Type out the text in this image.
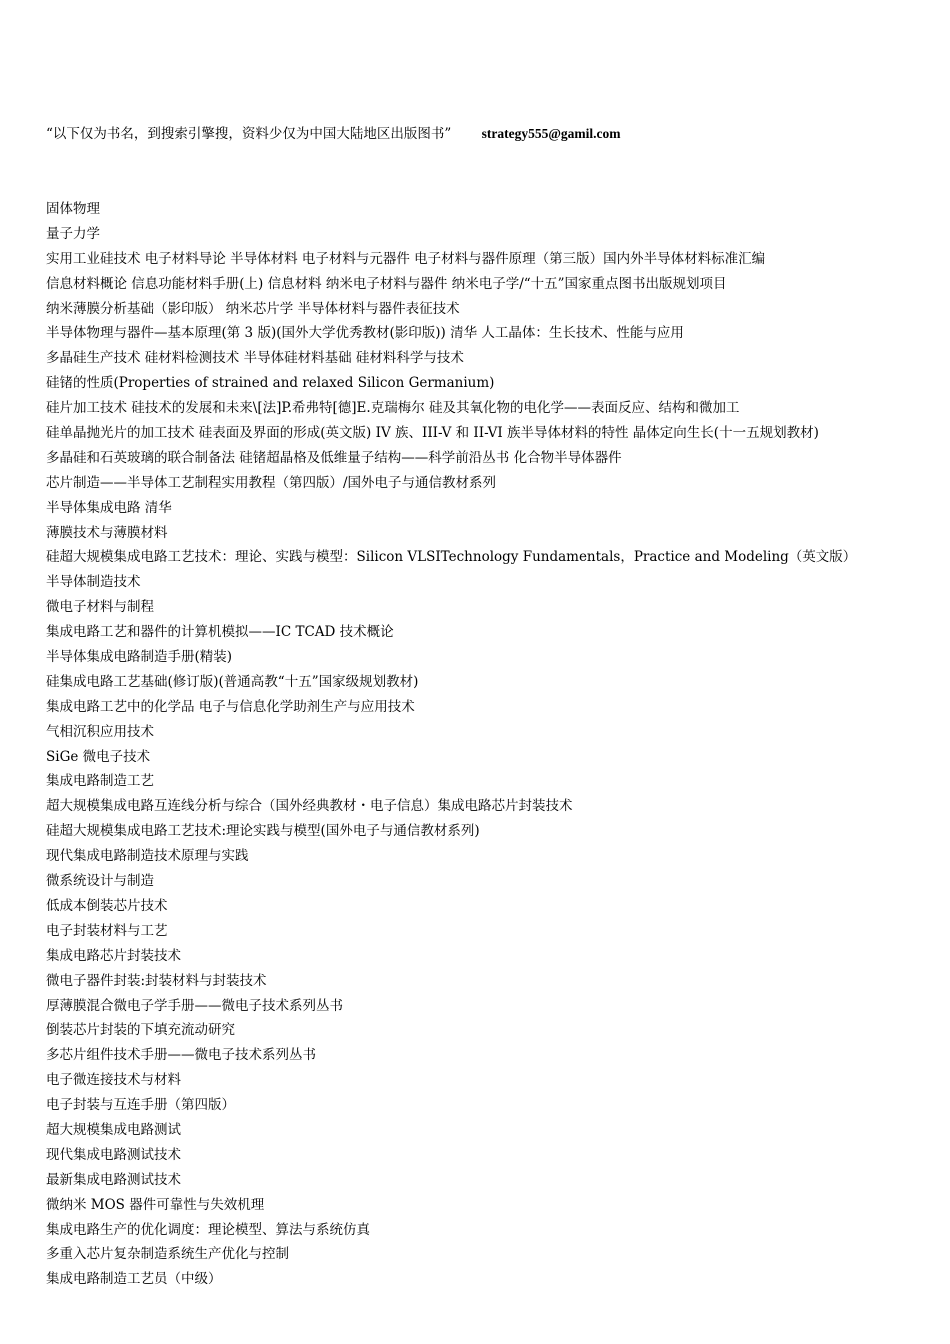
“以下仅为书名，到搜索引擎搜，资料少仅为中国大陆地区出版图书” strategy555@gamil.com
固体物理
量子力学
实用工业硅技术 电子材料导论 半导体材料 电子材料与元器件 电子材料与器件原理（第三版）国内外半导体材料标准汇编
信息材料概论 信息功能材料手册(上) 信息材料 纳米电子材料与器件 纳米电子学/“十五”国家重点图书出版规划项目
纳米薄膜分析基础（影印版） 纳米芯片学 半导体材料与器件表征技术
半导体物理与器件—基本原理(第 3 版)(国外大学优秀教材(影印版)) 清华 人工晶体：生长技术、性能与应用
多晶硅生产技术 硅材料检测技术 半导体硅材料基础 硅材料科学与技术
硅锗的性质(Properties of strained and relaxed Silicon Germanium)
硅片加工技术 硅技术的发展和未来\[法]P.希弗特[德]E.克瑞梅尔 硅及其氧化物的电化学——表面反应、结构和微加工
硅单晶抛光片的加工技术 硅表面及界面的形成(英文版) IV 族、III-V 和 II-VI 族半导体材料的特性 晶体定向生长(十一五规划教材)
多晶硅和石英玻璃的联合制备法 硅锗超晶格及低维量子结构——科学前沿丛书 化合物半导体器件
芯片制造——半导体工艺制程实用教程（第四版）/国外电子与通信教材系列
半导体集成电路 清华
薄膜技术与薄膜材料
硅超大规模集成电路工艺技术：理论、实践与模型：Silicon VLSITechnology Fundamentals，Practice and Modeling（英文版）
半导体制造技术
微电子材料与制程
集成电路工艺和器件的计算机模拟——IC TCAD 技术概论
半导体集成电路制造手册(精装)
硅集成电路工艺基础(修订版)(普通高教“十五”国家级规划教材)
集成电路工艺中的化学品 电子与信息化学助剂生产与应用技术
气相沉积应用技术
SiGe 微电子技术
集成电路制造工艺
超大规模集成电路互连线分析与综合（国外经典教材・电子信息）集成电路芯片封装技术
硅超大规模集成电路工艺技术:理论实践与模型(国外电子与通信教材系列)
现代集成电路制造技术原理与实践
微系统设计与制造
低成本倒装芯片技术
电子封装材料与工艺
集成电路芯片封装技术
微电子器件封装:封装材料与封装技术
厚薄膜混合微电子学手册——微电子技术系列丛书
倒装芯片封装的下填充流动研究
多芯片组件技术手册——微电子技术系列丛书
电子微连接技术与材料
电子封装与互连手册（第四版）
超大规模集成电路测试
现代集成电路测试技术
最新集成电路测试技术
微纳米 MOS 器件可靠性与失效机理
集成电路生产的优化调度：理论模型、算法与系统仿真
多重入芯片复杂制造系统生产优化与控制
集成电路制造工艺员（中级）
